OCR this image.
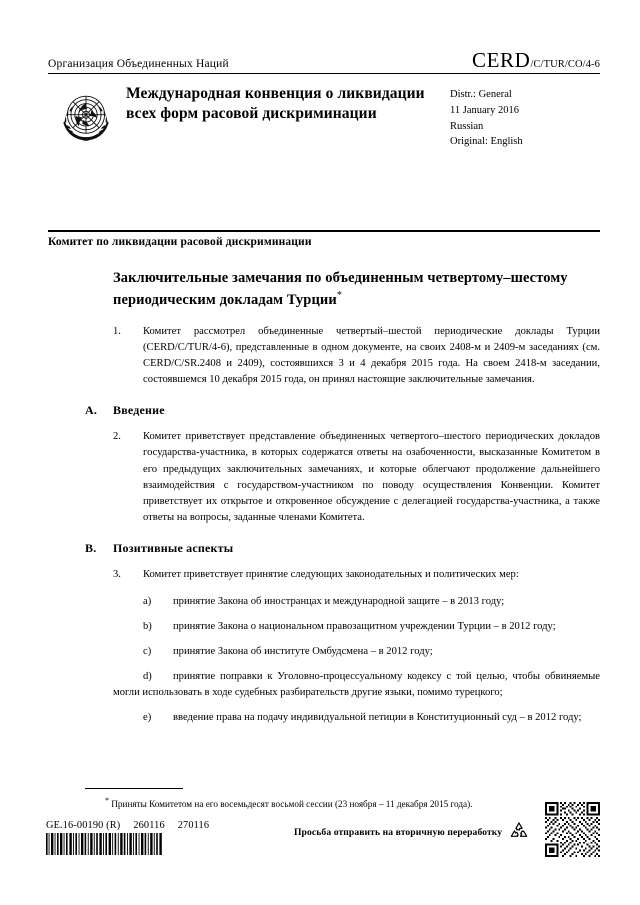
Организация Объединенных Наций	CERD /C/TUR/CO/4-6
Международная конвенция о ликвидации всех форм расовой дискриминации
Distr.: General
11 January 2016
Russian
Original: English
Комитет по ликвидации расовой дискриминации
Заключительные замечания по объединенным четвертому–шестому периодическим докладам Турции*
1. Комитет рассмотрел объединенные четвертый–шестой периодические доклады Турции (CERD/C/TUR/4-6), представленные в одном документе, на своих 2408-м и 2409-м заседаниях (см. CERD/C/SR.2408 и 2409), состоявшихся 3 и 4 декабря 2015 года. На своем 2418-м заседании, состоявшемся 10 декабря 2015 года, он принял настоящие заключительные замечания.
A. Введение
2. Комитет приветствует представление объединенных четвертого–шестого периодических докладов государства-участника, в которых содержатся ответы на озабоченности, высказанные Комитетом в его предыдущих заключительных замечаниях, и которые облегчают продолжение дальнейшего взаимодействия с государством-участником по поводу осуществления Конвенции. Комитет приветствует их открытое и откровенное обсуждение с делегацией государства-участника, а также ответы на вопросы, заданные членами Комитета.
B. Позитивные аспекты
3. Комитет приветствует принятие следующих законодательных и политических мер:
a) принятие Закона об иностранцах и международной защите – в 2013 году;
b) принятие Закона о национальном правозащитном учреждении Турции – в 2012 году;
c) принятие Закона об институте Омбудсмена – в 2012 году;
d) принятие поправки к Уголовно-процессуальному кодексу с той целью, чтобы обвиняемые могли использовать в ходе судебных разбирательств другие языки, помимо турецкого;
e) введение права на подачу индивидуальной петиции в Конституционный суд – в 2012 году;
* Приняты Комитетом на его восемьдесят восьмой сессии (23 ноября – 11 декабря 2015 года).
GE.16-00190 (R) 260116 270116
Просьба отправить на вторичную переработку
